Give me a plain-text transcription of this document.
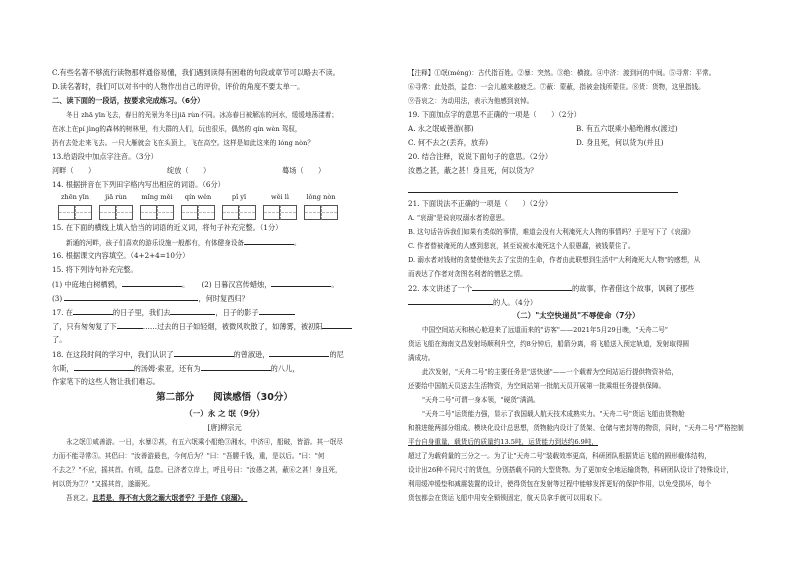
C.有些名著不够流行读物那样通俗易懂，我们遇到读得有困难的句段或章节可以略去不读。
D.读名著时，我们可以对书中的人物作出自己的评价，评价的角度不要太单一。
二、读下面的一段话，按要求完成练习。（6分）
冬日 zhā yīn飞去，春日的光景为冬日jiā rùn不同。冰冻春日被解冻的河水，缓缓地荡漾着；
在冰上在pí jìng的森林的树林里，有大群的人们，玩也很乐，偶然的 qín wèn 驾驭，
扔有去处走来飞去。一只大雁就会飞在头顶上，飞在高空。这样是如此这来的 lóng nòn？
13.给语段中加点字注音。（3分）
河畔（　　）	绽放（　　）	蓦场（　　）
14. 根据拼音在下列田字格内写出相应的词语。（6分）
zhēn yīn	jiā rùn	mǐng měi	qín wěn	pǐ yī	wěi lì	lǒng nòn
15. 在下面的横线上填入恰当的词语的近义词，将句子补充完整。（1分）
新通的河畔，孩子们喜欢的游乐设施一般都有，有体健身设备	。
16. 根据课文内容填空。（4+2+4=10分）
15. 将下列诗句补充完整。
(1) 中庭地白树栖鸦，	。 (2) 日暮汉宫传蜡烛，	。
(3)	，何时复西归？
17. 在	的日子里，我们去	，日子的影子
了，只有匆匆复了下	……过去的日子如轻烟，被微风吹散了，如薄雾，被初阳
了。
18. 在这段时间的学习中，我们认识了	的曾淑逊，	的尼
尔斯，	的汤姆·索亚，还有为	的八儿，
作家笔下的这些人物让我们难忘。
第二部分　　阅读感悟（30分）
（一）永 之 氓（9分）
[唐]柳宗元
永之氓①咸善游。一日，水暴②甚，有五六氓乘小船绝③湘水，中济④，船破，皆游。其一氓尽
力而不能寻常⑤。其侣曰："汝善游最也，今何后为？"曰："吾腰千钱，重，是以后。"曰："何
不去之？"不应，摇其首。有顷，益怠。已济者立岸上，呼且号曰："汝愚之甚，蔽⑥之甚！身且死，
何以货为⑦？"又摇其首，遂溺死。
吾哀之。且若是，得不有大货之溺大氓者乎？于是作《哀溺》。
【注释】①氓(méng)：古代指百姓。②暴：突然。③绝：横渡。④中济：渡到河的中间。⑤寻常：平常。
⑥寻常：此处指，益怠：一会儿越来越疲乏。⑦蔽：蒙蔽，指被金钱所蒙住。⑧货：货物，这里指钱。
⑨吾哀之：为动用法，表示为他感到哀悼。
19. 下面加点字的意思不正确的一项是（　　）（2分）
A. 永之氓咸善游(都)	B. 有五六氓乘小船绝湘水(渡过)
C. 何不去之(丢弃，放弃)	D. 身且死，何以货为(并且)
20. 结合注释，说说下面句子的意思。（2分）
汝愚之甚，蔽之甚！身且死，何以货为？
21. 下面说法不正确的一项是（　　）（2分）
A. "哀溺"是说哀叹溺水者的意思。
B. 这句话告诉我们如果有类似的事情，难道会没有大利淹死大人物的事情吗？于是写下了《哀溺》
C. 作者替被淹死的人感到悲哀，甚至说被水淹死这个人很愚蠢，被钱蒙住了。
D. 溺水者对钱财的贪婪使他失去了宝贵的生命，作者由此联想到生活中"大利淹死大人物"的感想，从
而表达了作者对贪图名利者的憎恶之情。
22. 本文讲述了一个	的故事，作者借这个故事，讽刺了那些
的人。（4分）
（二）"太空快递员"不辱使命（7分）
中国空间站天和核心舱迎来了远道而来的"访客"——2021年5月29日晚，"天舟二号"
货运飞船在海南文昌发射场顺利升空，约8分钟后，船箭分离，将飞船送入预定轨道，发射取得圆
满成功。
此次发射，"天舟二号"的主要任务是"送快递"——一个载着为空间站运行提供物资补给，
还要给中国航天员送去生活物资，为空间站第一批航天员开展第一批乘组任务提供保障。
"天舟二号"可谓一身本领，"硬货"满满。
"天舟二号"运货能力强，显示了我国载人航天技术成熟实力。"天舟二号"货运飞船由货物舱
和推进舱两部分组成。模块化设计总思想，货物舱内设计了货架、仓储与密封等的物资，同时，"天舟二号"严格控制
平台自身重量，载货后的质量约13.5吨，运货能力到达约6.9吨，
超过了为载荷量的三分之一。为了让"天舟二号"装载效率更高，科研团队根据货运飞船的圆形截体结构，
设计出26种不同尺寸的货包，分别搭载不同的大型货物。为了更加安全地运输货物，科研团队设计了特殊设计，
利用缓冲缓垫和减震装置的设计，使得货包在发射等过程中能够发挥更好的保护作用，以免受损坏，每个
货包都会在货运飞船中用安全锁锁固定，航天员拿手就可以用取下。
